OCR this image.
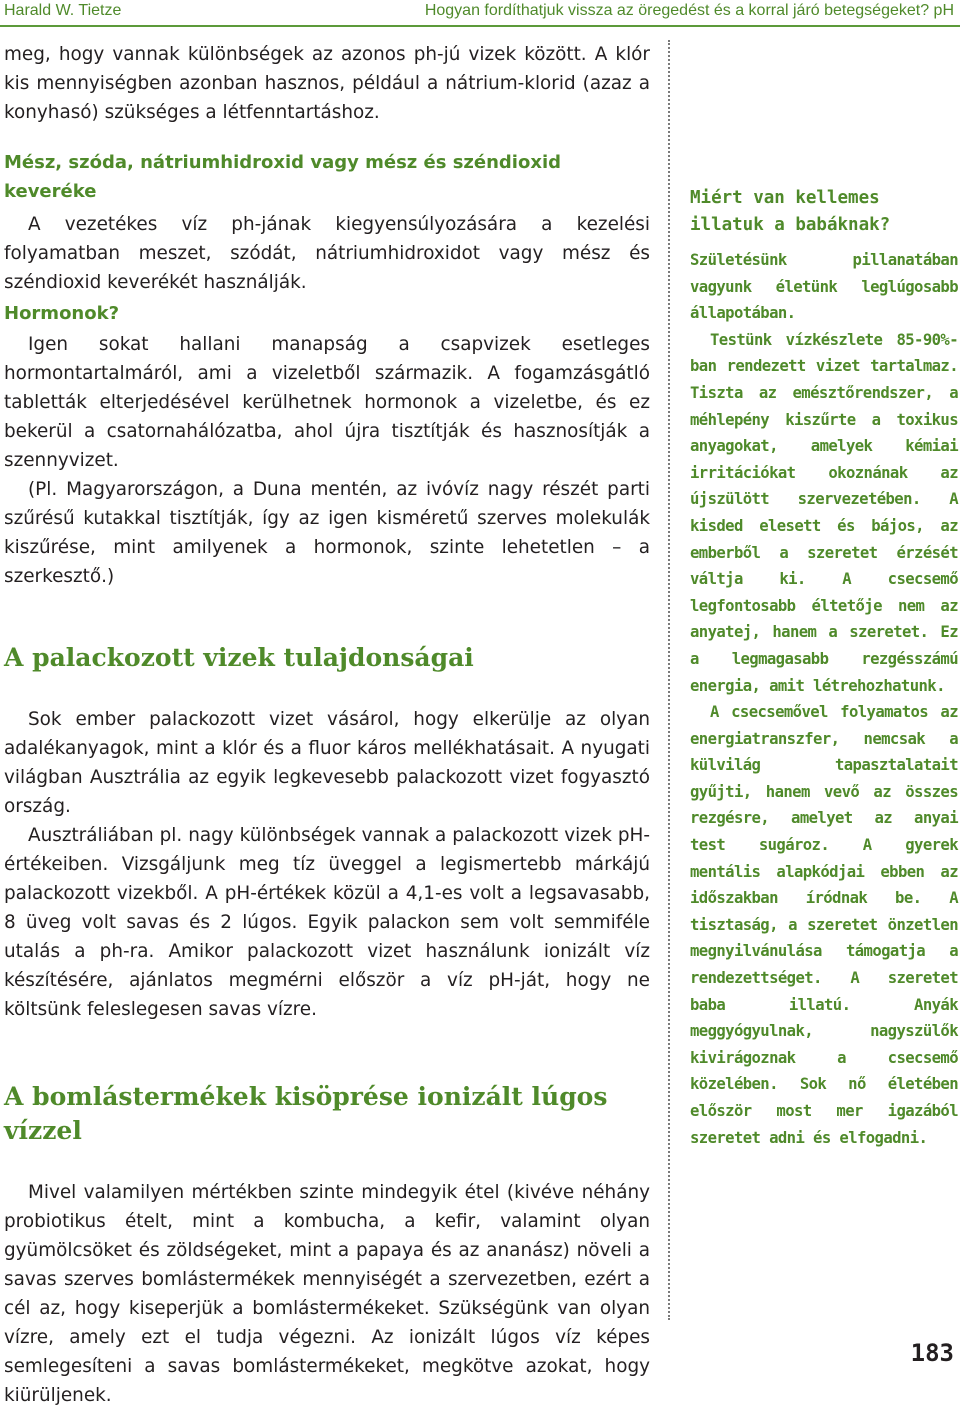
Harald W. Tietze	Hogyan fordíthatjuk vissza az öregedést és a korral járó betegségeket? pH

meg, hogy vannak különbségek az azonos ph-jú vizek között. A klór kis mennyiségben azonban hasznos, például a nátrium-klorid (azaz a konyhasó) szükséges a létfenntartáshoz.

Mész, szóda, nátriumhidroxid vagy mész és széndioxid keveréke

A vezetékes víz ph-jának kiegyensúlyozására a kezelési folyamatban meszet, szódát, nátriumhidroxidot vagy mész és széndioxid keverékét használják.

Hormonok?

Igen sokat hallani manapság a csapvizek esetleges hormontartalmáról, ami a vizeletből származik. A fogamzásgátló tabletták elterjedésével kerülhetnek hormonok a vizeletbe, és ez bekerül a csatornahálózatba, ahol újra tisztítják és hasznosítják a szennyvizet.

(Pl. Magyarországon, a Duna mentén, az ivóvíz nagy részét parti szűrésű kutakkal tisztítják, így az igen kisméretű szerves molekulák kiszűrése, mint amilyenek a hormonok, szinte lehetetlen – a szerkesztő.)

A palackozott vizek tulajdonságai

Sok ember palackozott vizet vásárol, hogy elkerülje az olyan adalékanyagok, mint a klór és a fluor káros mellékhatásait. A nyugati világban Ausztrália az egyik legkevesebb palackozott vizet fogyasztó ország.

Ausztráliában pl. nagy különbségek vannak a palackozott vizek pH-értékeiben. Vizsgáljunk meg tíz üveggel a legismertebb márkájú palackozott vizekből. A pH-értékek közül a 4,1-es volt a legsavasabb, 8 üveg volt savas és 2 lúgos. Egyik palackon sem volt semmiféle utalás a ph-ra. Amikor palackozott vizet használunk ionizált víz készítésére, ajánlatos megmérni először a víz pH-ját, hogy ne költsünk feleslegesen savas vízre.

A bomlástermékek kisöprése ionizált lúgos vízzel

Mivel valamilyen mértékben szinte mindegyik étel (kivéve néhány probiotikus ételt, mint a kombucha, a kefir, valamint olyan gyümölcsöket és zöldségeket, mint a papaya és az ananász) növeli a savas szerves bomlástermékek mennyiségét a szervezetben, ezért a cél az, hogy kiseperjük a bomlástermékeket. Szükségünk van olyan vízre, amely ezt el tudja végezni. Az ionizált lúgos víz képes semlegesíteni a savas bomlástermékeket, megkötve azokat, hogy kiürüljenek.

Miért van kellemes illatuk a babáknak?

Születésünk pillanatában vagyunk életünk leglúgosabb állapotában.

Testünk vízkészlete 85-90%-ban rendezett vizet tartalmaz. Tiszta az emésztőrendszer, a méhlepény kiszűrte a toxikus anyagokat, amelyek kémiai irritációkat okoznának az újszülött szervezetében. A kisded elesett és bájos, az emberből a szeretet érzését váltja ki. A csecsemő legfontosabb éltetője nem az anyatej, hanem a szeretet. Ez a legmagasabb rezgésszámú energia, amit létrehozhatunk.

A csecsemővel folyamatos az energiatranszfer, nemcsak a külvilág tapasztalatait gyűjti, hanem vevő az összes rezgésre, amelyet az anyai test sugároz. A gyerek mentális alapkódjai ebben az időszakban íródnak be. A tisztaság, a szeretet önzetlen megnyilvánulása támogatja a rendezettséget. A szeretet baba illatú. Anyák meggyógyulnak, nagyszülők kivirágoznak a csecsemő közelében. Sok nő életében először most mer igazából szeretet adni és elfogadni.

183
